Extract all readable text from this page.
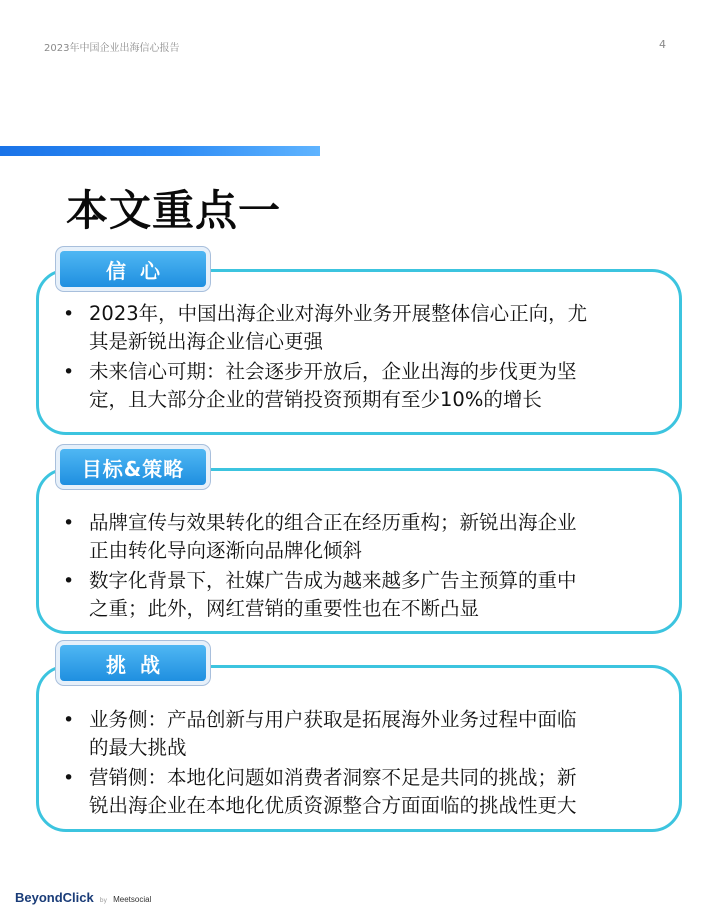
2023年中国企业出海信心报告	4
本文重点一
信心
• 2023年，中国出海企业对海外业务开展整体信心正向，尤
其是新锐出海企业信心更强
• 未来信心可期：社会逐步开放后，企业出海的步伐更为坚
定，且大部分企业的营销投资预期有至少10%的增长
目标&策略
• 品牌宣传与效果转化的组合正在经历重构；新锐出海企业
正由转化导向逐渐向品牌化倾斜
• 数字化背景下，社媒广告成为越来越多广告主预算的重中
之重；此外，网红营销的重要性也在不断凸显
挑战
• 业务侧：产品创新与用户获取是拓展海外业务过程中面临
的最大挑战
• 营销侧：本地化问题如消费者洞察不足是共同的挑战；新
锐出海企业在本地化优质资源整合方面面临的挑战性更大
BeyondClick by Meetsocial
